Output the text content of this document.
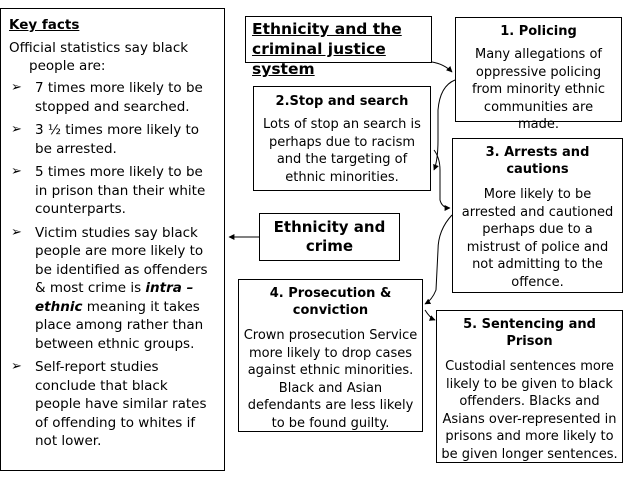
Key facts
Official statistics say black people are:
➢ 7 times more likely to be stopped and searched.
➢ 3 ½ times more likely to be arrested.
➢ 5 times more likely to be in prison than their white counterparts.
➢ Victim studies say black people are more likely to be identified as offenders & most crime is intra –ethnic meaning it takes place among rather than between ethnic groups.
➢ Self-report studies conclude that black people have similar rates of offending to whites if not lower.
Ethnicity and the criminal justice system
1. Policing
Many allegations of oppressive policing from minority ethnic communities are made.
2.Stop and search
Lots of stop an search is perhaps due to racism and the targeting of ethnic minorities.
3. Arrests and cautions
More likely to be arrested and cautioned perhaps due to a mistrust of police and not admitting to the offence.
Ethnicity and crime
4. Prosecution & conviction
Crown prosecution Service more likely to drop cases against ethnic minorities. Black and Asian defendants are less likely to be found guilty.
5. Sentencing and Prison
Custodial sentences more likely to be given to black offenders. Blacks and Asians over-represented in prisons and more likely to be given longer sentences.
